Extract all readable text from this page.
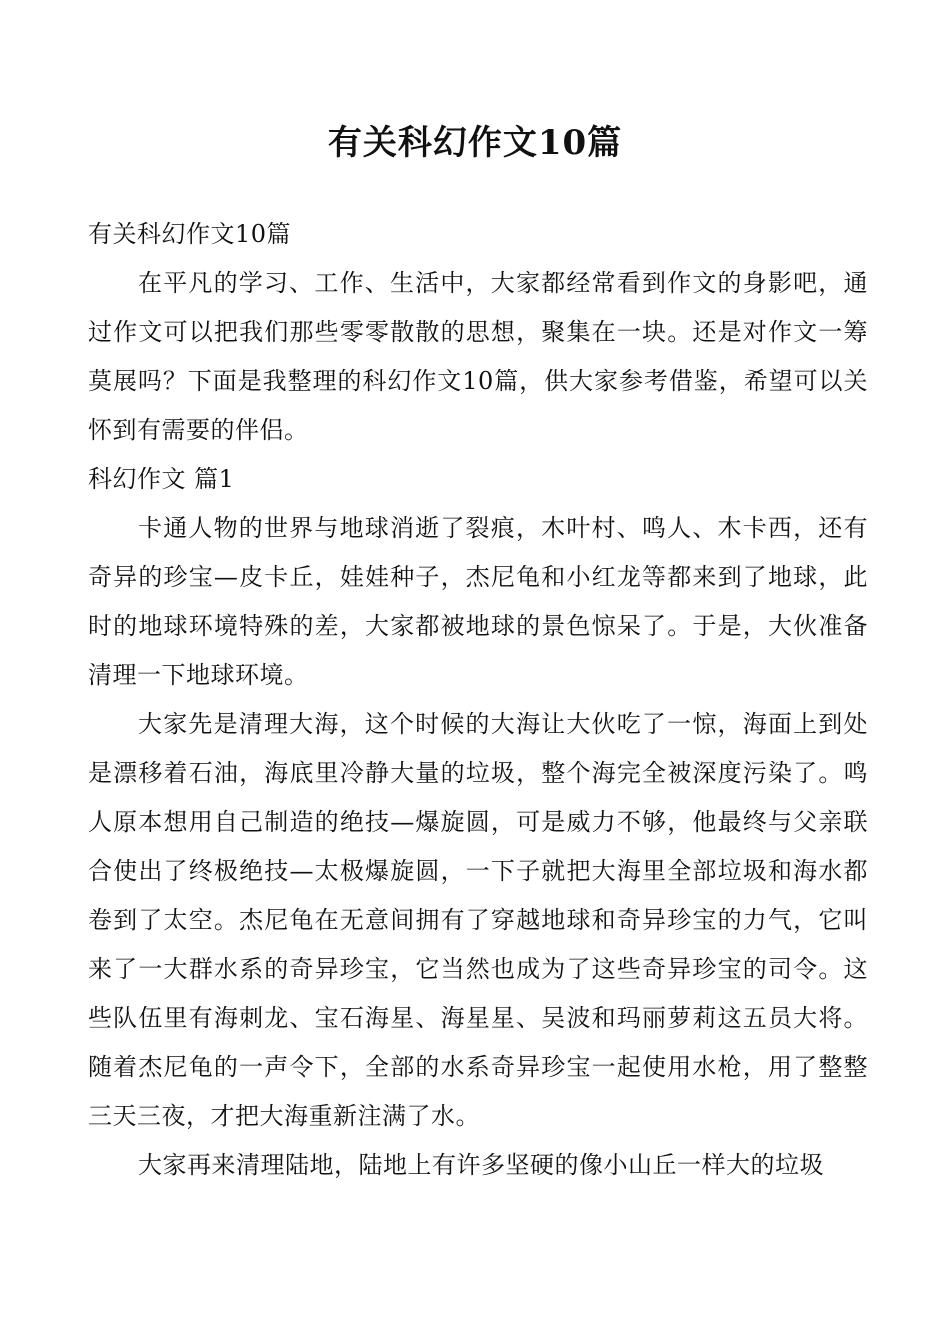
有关科幻作文10篇

有关科幻作文10篇

在平凡的学习、工作、生活中，大家都经常看到作文的身影吧，通过作文可以把我们那些零零散散的思想，聚集在一块。还是对作文一筹莫展吗？下面是我整理的科幻作文10篇，供大家参考借鉴，希望可以关怀到有需要的伴侣。

科幻作文 篇1

卡通人物的世界与地球消逝了裂痕，木叶村、鸣人、木卡西，还有奇异的珍宝—皮卡丘，娃娃种子，杰尼龟和小红龙等都来到了地球，此时的地球环境特殊的差，大家都被地球的景色惊呆了。于是，大伙准备清理一下地球环境。

大家先是清理大海，这个时候的大海让大伙吃了一惊，海面上到处是漂移着石油，海底里冷静大量的垃圾，整个海完全被深度污染了。鸣人原本想用自己制造的绝技—爆旋圆，可是威力不够，他最终与父亲联合使出了终极绝技—太极爆旋圆，一下子就把大海里全部垃圾和海水都卷到了太空。杰尼龟在无意间拥有了穿越地球和奇异珍宝的力气，它叫来了一大群水系的奇异珍宝，它当然也成为了这些奇异珍宝的司令。这些队伍里有海刺龙、宝石海星、海星星、吴波和玛丽萝莉这五员大将。随着杰尼龟的一声令下，全部的水系奇异珍宝一起使用水枪，用了整整三天三夜，才把大海重新注满了水。

大家再来清理陆地，陆地上有许多坚硬的像小山丘一样大的垃圾
